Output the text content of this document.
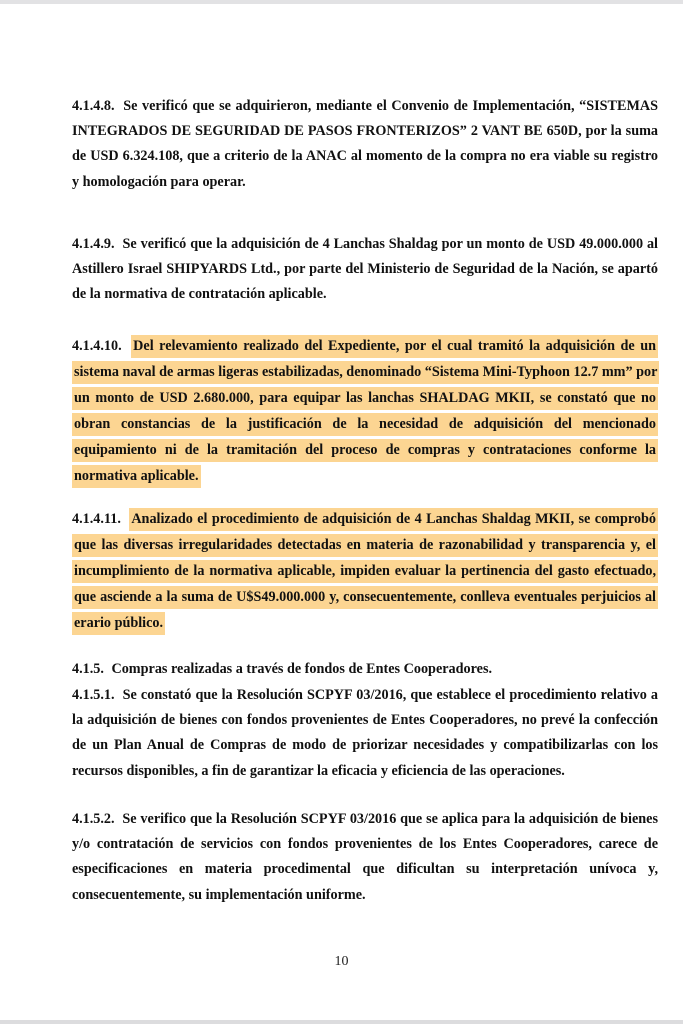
4.1.4.8. Se verificó que se adquirieron, mediante el Convenio de Implementación, “SISTEMAS INTEGRADOS DE SEGURIDAD DE PASOS FRONTERIZOS” 2 VANT BE 650D, por la suma de USD 6.324.108, que a criterio de la ANAC al momento de la compra no era viable su registro y homologación para operar.

4.1.4.9. Se verificó que la adquisición de 4 Lanchas Shaldag por un monto de USD 49.000.000 al Astillero Israel SHIPYARDS Ltd., por parte del Ministerio de Seguridad de la Nación, se apartó de la normativa de contratación aplicable.

4.1.4.10. Del relevamiento realizado del Expediente, por el cual tramitó la adquisición de un sistema naval de armas ligeras estabilizadas, denominado “Sistema Mini-Typhoon 12.7 mm” por un monto de USD 2.680.000, para equipar las lanchas SHALDAG MKII, se constató que no obran constancias de la justificación de la necesidad de adquisición del mencionado equipamiento ni de la tramitación del proceso de compras y contrataciones conforme la normativa aplicable.

4.1.4.11. Analizado el procedimiento de adquisición de 4 Lanchas Shaldag MKII, se comprobó que las diversas irregularidades detectadas en materia de razonabilidad y transparencia y, el incumplimiento de la normativa aplicable, impiden evaluar la pertinencia del gasto efectuado, que asciende a la suma de U$S49.000.000 y, consecuentemente, conlleva eventuales perjuicios al erario público.

4.1.5. Compras realizadas a través de fondos de Entes Cooperadores.

4.1.5.1. Se constató que la Resolución SCPYF 03/2016, que establece el procedimiento relativo a la adquisición de bienes con fondos provenientes de Entes Cooperadores, no prevé la confección de un Plan Anual de Compras de modo de priorizar necesidades y compatibilizarlas con los recursos disponibles, a fin de garantizar la eficacia y eficiencia de las operaciones.

4.1.5.2. Se verifico que la Resolución SCPYF 03/2016 que se aplica para la adquisición de bienes y/o contratación de servicios con fondos provenientes de los Entes Cooperadores, carece de especificaciones en materia procedimental que dificultan su interpretación unívoca y, consecuentemente, su implementación uniforme.

10
